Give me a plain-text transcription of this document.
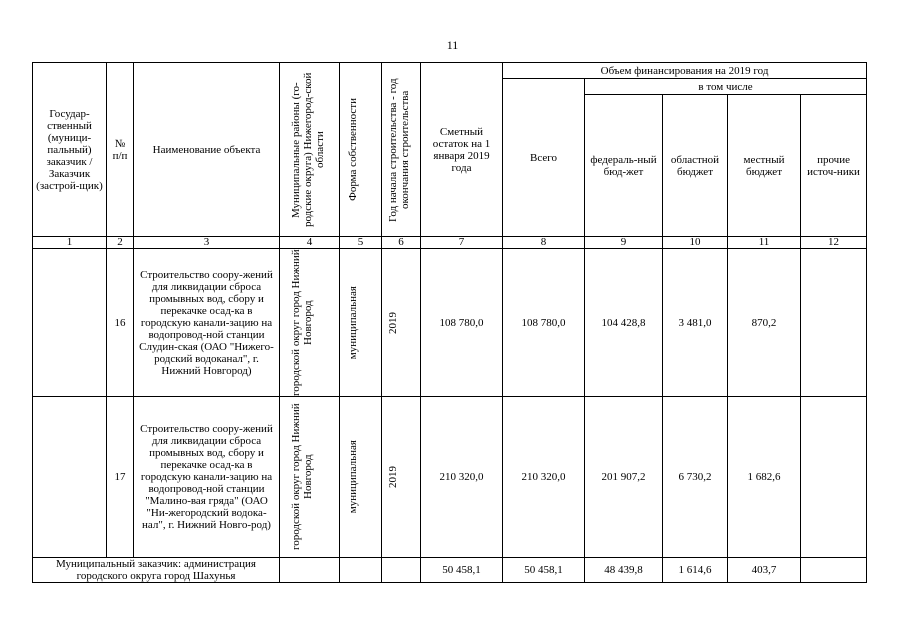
11
Государ-ственный (муници-пальный) заказчик / Заказчик (застрой-щик)	№ п/п	Наименование объекта	Муниципальные районы (го-родские округа) Нижегород-ской области	Форма собственности	Год начала строительства - год окончания строительства	Сметный остаток на 1 января 2019 года	Объем финансирования на 2019 год				
							Всего	в том числе			
								федераль-ный бюд-жет	областной бюджет	местный бюджет	прочие источ-ники
1	2	3	4	5	6	7	8	9	10	11	12
	16	Строительство соору-жений для ликвидации сброса промывных вод, сбору и перекачке осад-ка в городскую канали-зацию на водопровод-ной станции Слудин-ская (ОАО "Нижего-родский водоканал", г. Нижний Новгород)	городской округ город Нижний Новгород	муниципальная	2019	108 780,0	108 780,0	104 428,8	3 481,0	870,2	
	17	Строительство соору-жений для ликвидации сброса промывных вод, сбору и перекачке осад-ка в городскую канали-зацию на водопровод-ной станции "Малино-вая гряда" (ОАО "Ни-жегородский водока-нал", г. Нижний Новго-род)	городской округ город Нижний Новгород	муниципальная	2019	210 320,0	210 320,0	201 907,2	6 730,2	1 682,6	
Муниципальный заказчик: администрация городского округа город Шахунья						50 458,1	50 458,1	48 439,8	1 614,6	403,7	
